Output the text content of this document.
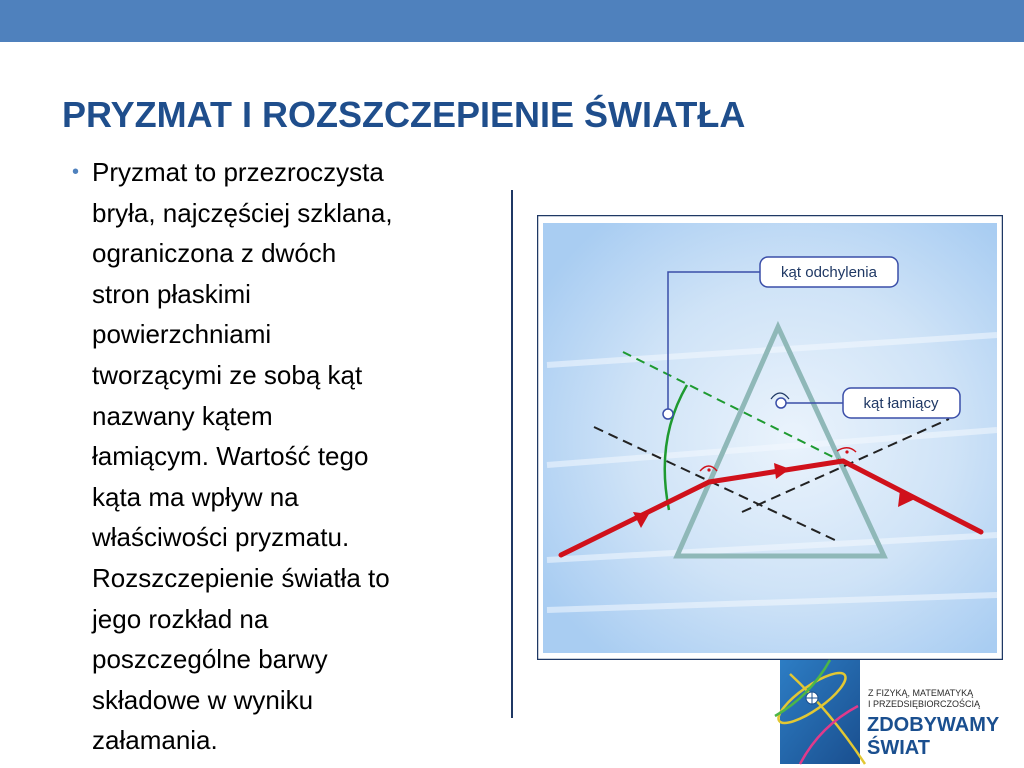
PRYZMAT I ROZSZCZEPIENIE ŚWIATŁA
• Pryzmat to przezroczysta
bryła, najczęściej szklana,
ograniczona z dwóch
stron płaskimi
powierzchniami
tworzącymi ze sobą kąt
nazwany kątem
łamiącym. Wartość tego
kąta ma wpływ na
właściwości pryzmatu.
Rozszczepienie światła to
jego rozkład na
poszczególne barwy
składowe w wyniku
załamania.
kąt odchylenia
kąt łamiący
Z FIZYKĄ, MATEMATYKĄ
I PRZEDSIĘBIORCZOŚCIĄ
ZDOBYWAMY
ŚWIAT
